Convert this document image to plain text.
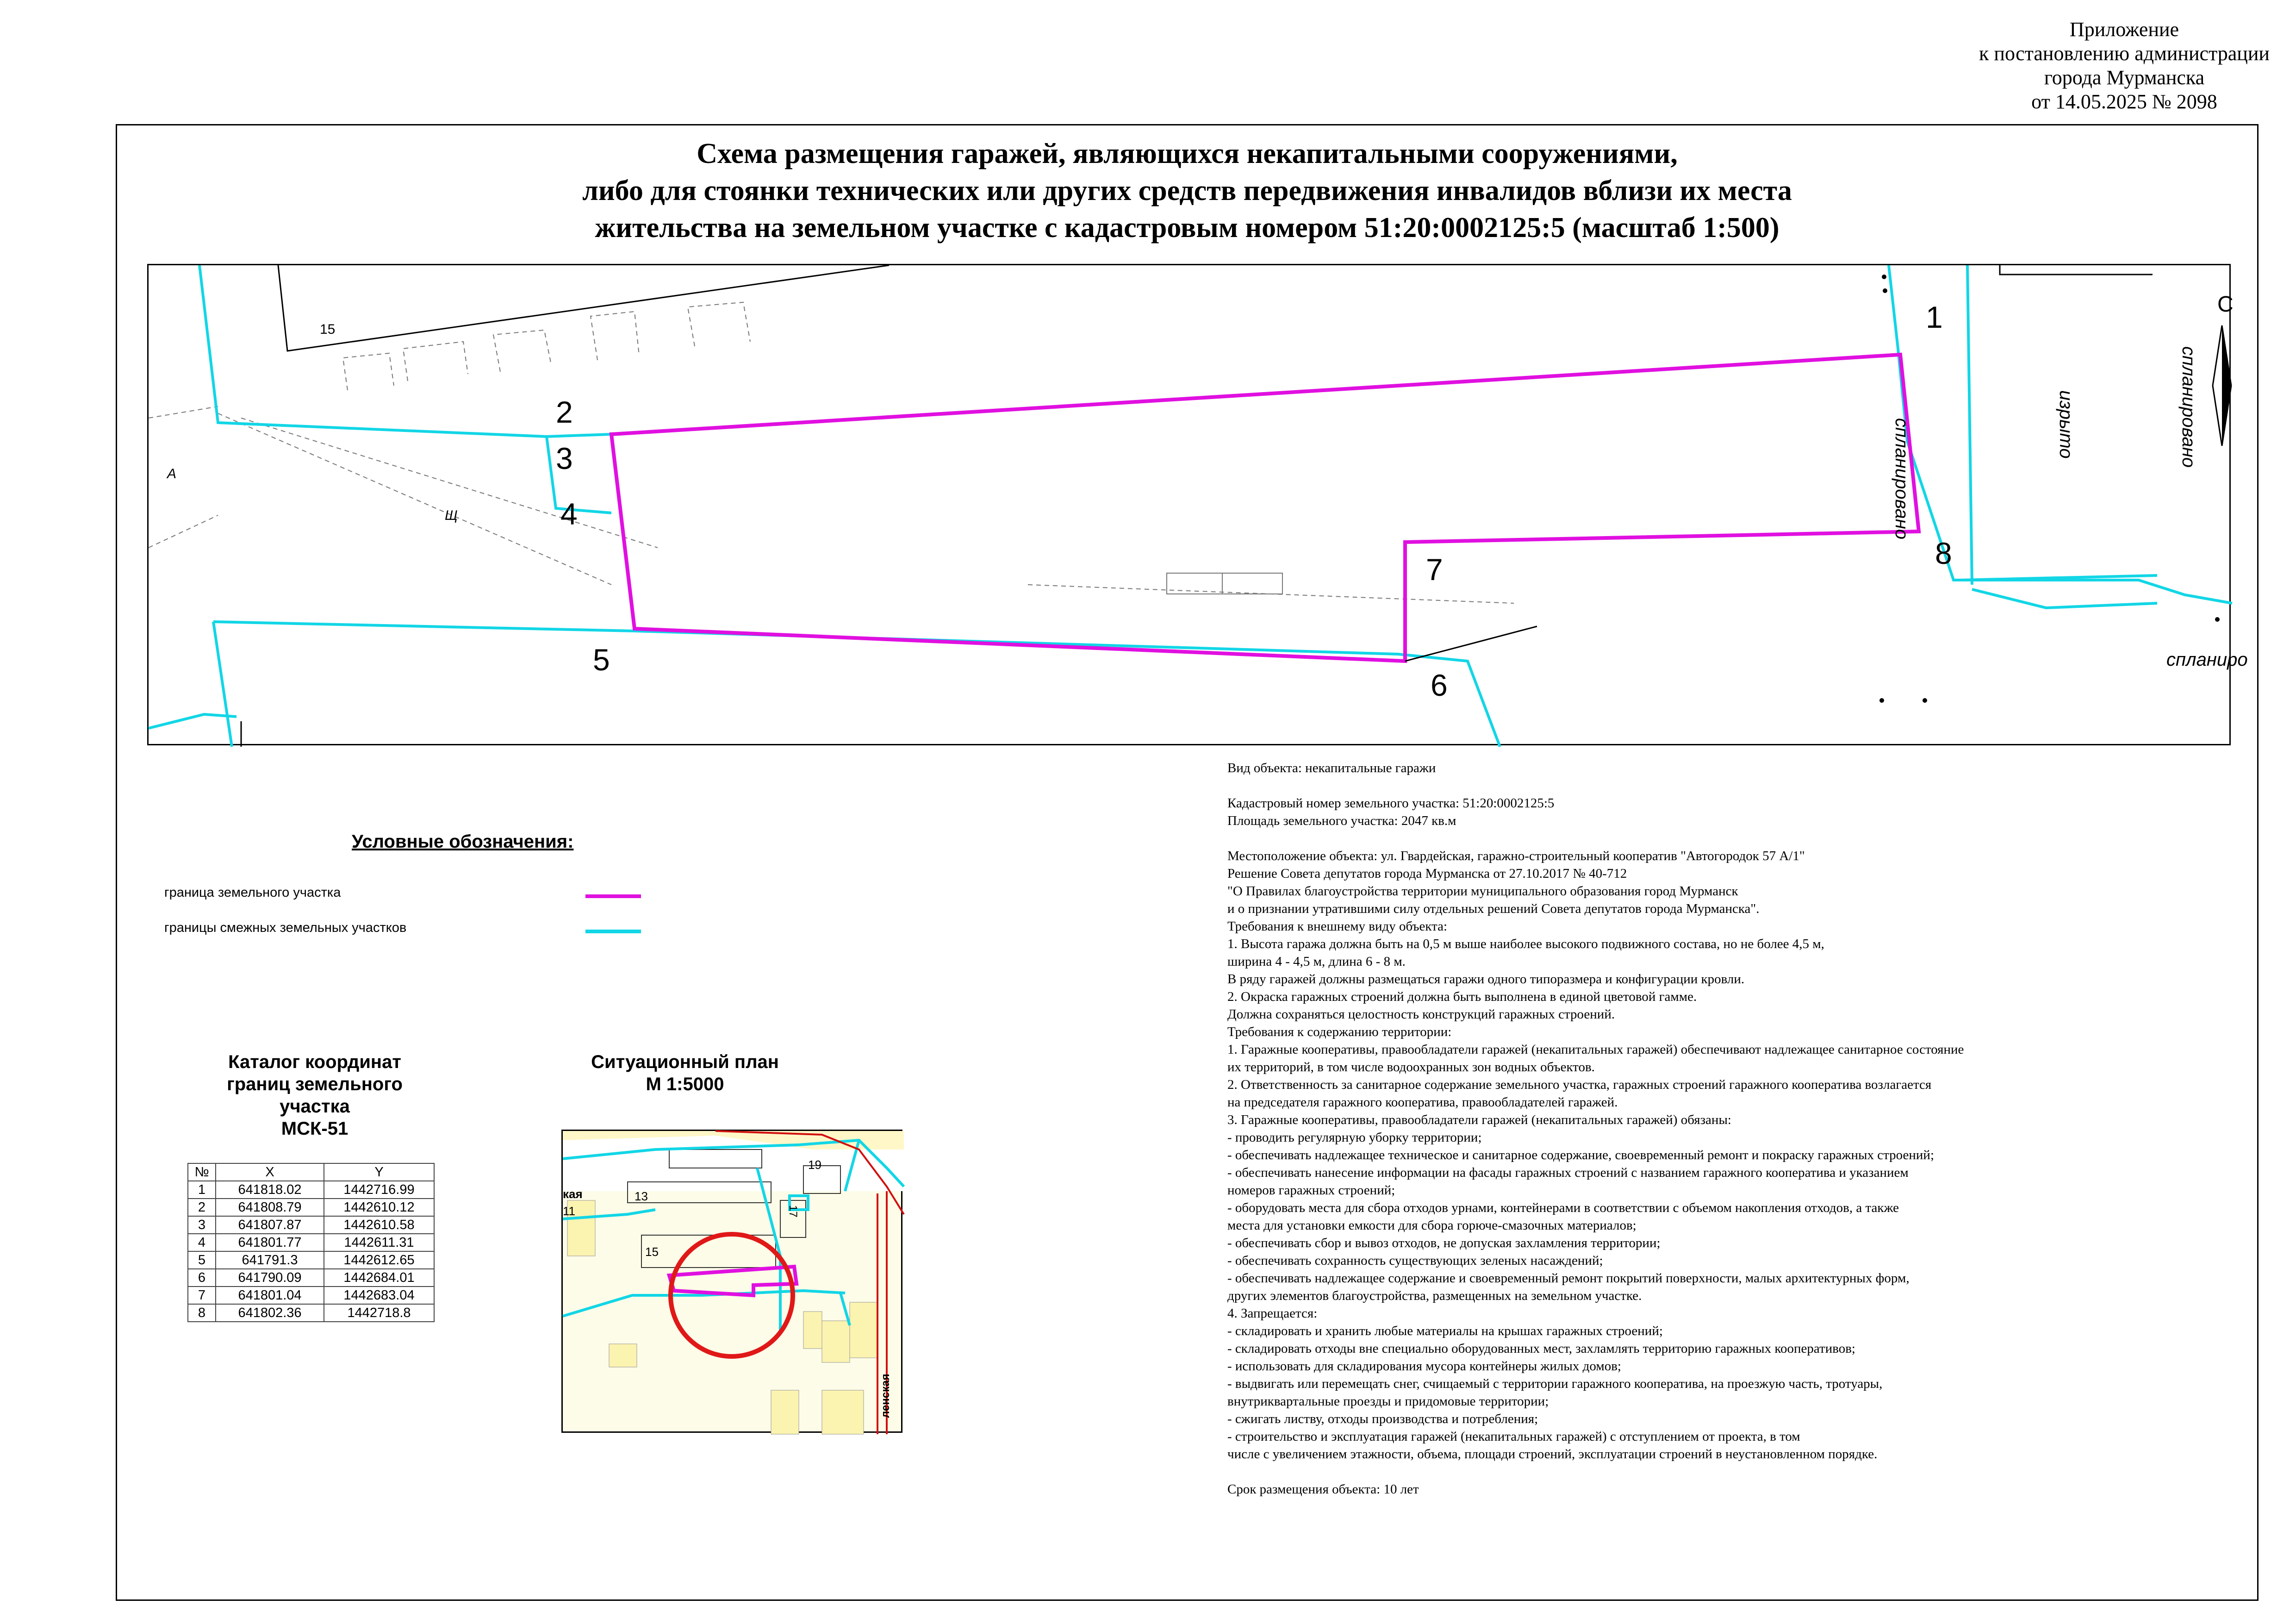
Приложение
к постановлению администрации
города Мурманска
от 14.05.2025 № 2098
Схема размещения гаражей, являющихся некапитальными сооружениями,
либо для стоянки технических или других средств передвижения инвалидов вблизи их места
жительства на земельном участке с кадастровым номером 51:20:0002125:5 (масштаб 1:500)
15
С
А
Щ
1
2
3
4
5
6
7	8
спланировано	изрыто	спланировано
спланиро
Условные обозначения:
граница земельного участка
границы смежных земельных участков
Каталог координат
границ земельного
участка
МСК-51
№	X	Y
1	641818.02	1442716.99
2	641808.79	1442610.12
3	641807.87	1442610.58
4	641801.77	1442611.31
5	641791.3	1442612.65
6	641790.09	1442684.01
7	641801.04	1442683.04
8	641802.36	1442718.8
Ситуационный план
М 1:5000
19
13
17
15
11
кая
ленская
Вид объекта: некапитальные гаражи
Кадастровый номер земельного участка: 51:20:0002125:5
Площадь земельного участка: 2047 кв.м
Местоположение объекта: ул. Гвардейская, гаражно-строительный кооператив "Автогородок 57 А/1"
Решение Совета депутатов города Мурманска от 27.10.2017 № 40-712
"О Правилах благоустройства территории муниципального образования город Мурманск
и о признании утратившими силу отдельных решений Совета депутатов города Мурманска".
Требования к внешнему виду объекта:
1. Высота гаража должна быть на 0,5 м выше наиболее высокого подвижного состава, но не более 4,5 м,
ширина 4 - 4,5 м, длина 6 - 8 м.
В ряду гаражей должны размещаться гаражи одного типоразмера и конфигурации кровли.
2. Окраска гаражных строений должна быть выполнена в единой цветовой гамме.
Должна сохраняться целостность конструкций гаражных строений.
Требования к содержанию территории:
1. Гаражные кооперативы, правообладатели гаражей (некапитальных гаражей) обеспечивают надлежащее санитарное состояние
их территорий, в том числе водоохранных зон водных объектов.
2. Ответственность за санитарное содержание земельного участка, гаражных строений гаражного кооператива возлагается
на председателя гаражного кооператива, правообладателей гаражей.
3. Гаражные кооперативы, правообладатели гаражей (некапитальных гаражей) обязаны:
- проводить регулярную уборку территории;
- обеспечивать надлежащее техническое и санитарное содержание, своевременный ремонт и покраску гаражных строений;
- обеспечивать нанесение информации на фасады гаражных строений с названием гаражного кооператива и указанием
номеров гаражных строений;
- оборудовать места для сбора отходов урнами, контейнерами в соответствии с объемом накопления отходов, а также
места для установки емкости для сбора горюче-смазочных материалов;
- обеспечивать сбор и вывоз отходов, не допуская захламления территории;
- обеспечивать сохранность существующих зеленых насаждений;
- обеспечивать надлежащее содержание и своевременный ремонт покрытий поверхности, малых архитектурных форм,
других элементов благоустройства, размещенных на земельном участке.
4. Запрещается:
- складировать и хранить любые материалы на крышах гаражных строений;
- складировать отходы вне специально оборудованных мест, захламлять территорию гаражных кооперативов;
- использовать для складирования мусора контейнеры жилых домов;
- выдвигать или перемещать снег, счищаемый с территории гаражного кооператива, на проезжую часть, тротуары,
внутриквартальные проезды и придомовые территории;
- сжигать листву, отходы производства и потребления;
- строительство и эксплуатация гаражей (некапитальных гаражей) с отступлением от проекта, в том
числе с увеличением этажности, объема, площади строений, эксплуатации строений в неустановленном порядке.
Срок размещения объекта: 10 лет
